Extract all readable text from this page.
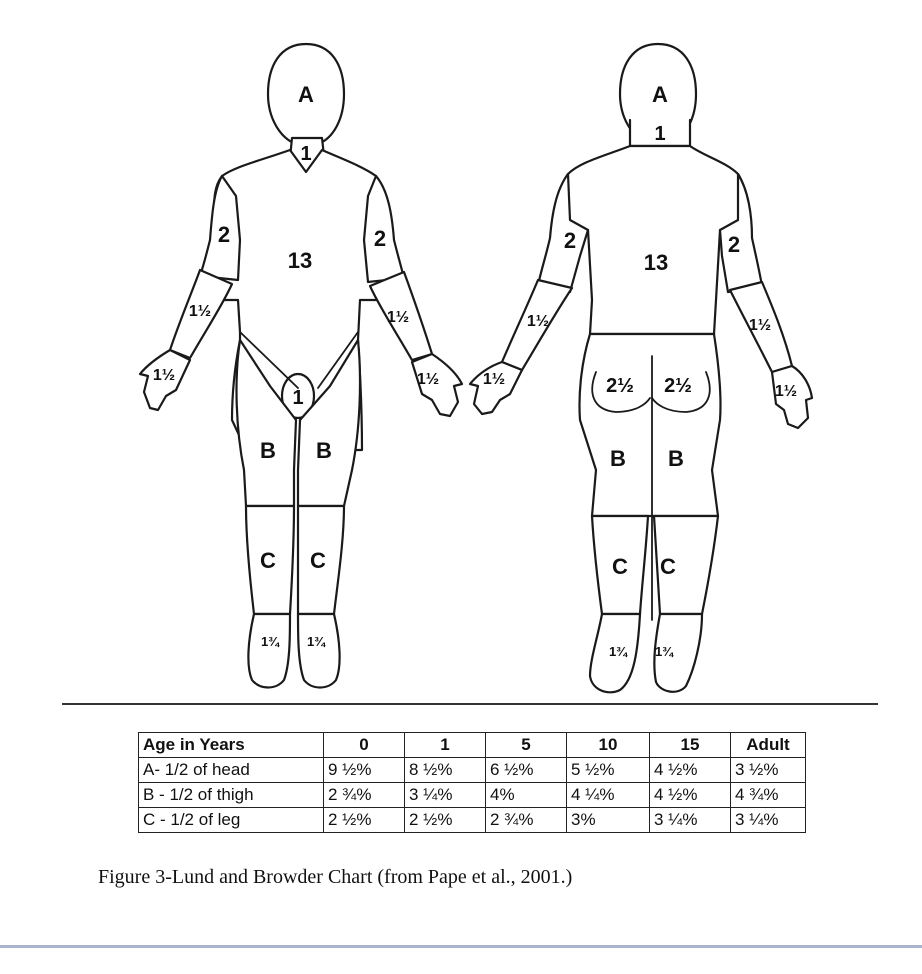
A
1
13
2	2
1½	1½
1½	1½
1
B B
C C
1¾ 1¾
A
1
13
2	2
1½	1½
1½
1½
2½ 2½
B B
C C
1¾ 1¾
Age in Years	0	1	5	10	15	Adult
A- 1/2 of head	9 ½%	8 ½%	6 ½%	5 ½%	4 ½%	3 ½%
B - 1/2 of thigh	2 ¾%	3 ¼%	4%	4 ¼%	4 ½%	4 ¾%
C - 1/2 of leg	2 ½%	2 ½%	2 ¾%	3%	3 ¼%	3 ¼%
Figure 3-Lund and Browder Chart (from Pape et al., 2001.)
